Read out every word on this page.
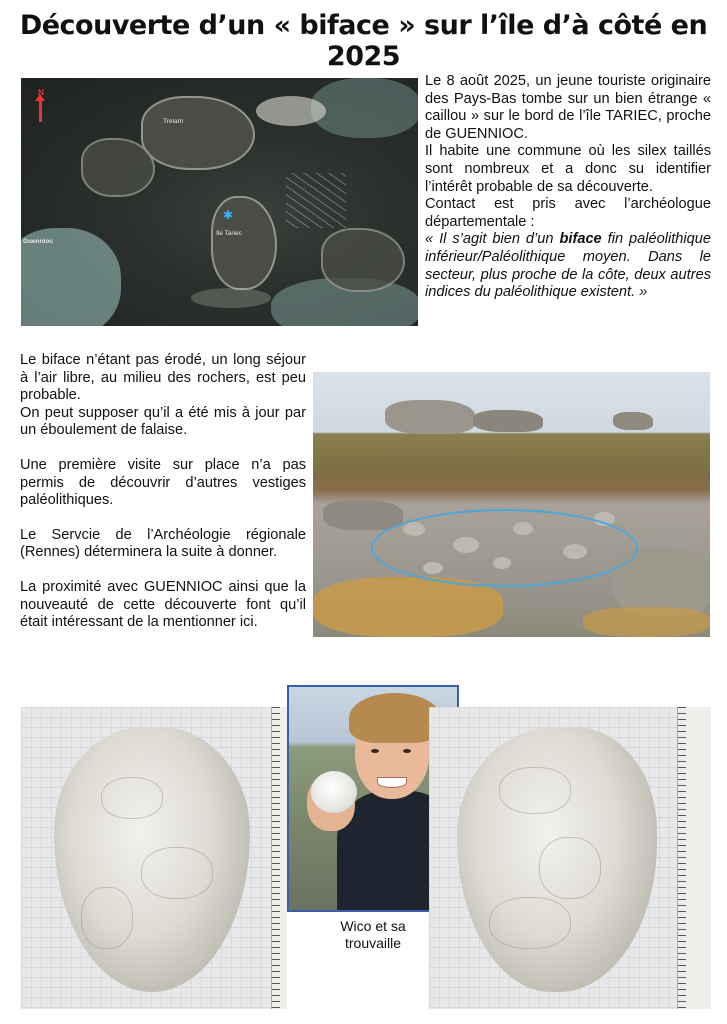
Découverte d’un « biface » sur l’île d’à côté en 2025
N
✱
Trelam
île Tariec
Guennioc

Le 8 août 2025, un jeune touriste originaire des Pays-Bas tombe sur un bien étrange « caillou » sur le bord de l’île TARIEC, proche de GUENNIOC.

Il habite une commune où les silex taillés sont nombreux et a donc su identifier l’intérêt probable de sa découverte.

Contact est pris avec l’archéologue départementale :

« Il s’agit bien d’un biface fin paléolithique inférieur/Paléolithique moyen. Dans le secteur, plus proche de la côte, deux autres indices du paléolithique existent. »

Le biface n’étant pas érodé, un long séjour à l’air libre, au milieu des rochers, est peu probable.

On peut supposer qu’il a été mis à jour par un éboulement de falaise.

Une première visite sur place n’a pas permis de découvrir d’autres vestiges paléolithiques.

Le Servcie de l’Archéologie régionale (Rennes) déterminera la suite à donner.

La proximité avec GUENNIOC ainsi que la nouveauté de cette découverte font qu’il était intéressant de la mentionner ici.

Wico et sa trouvaille
